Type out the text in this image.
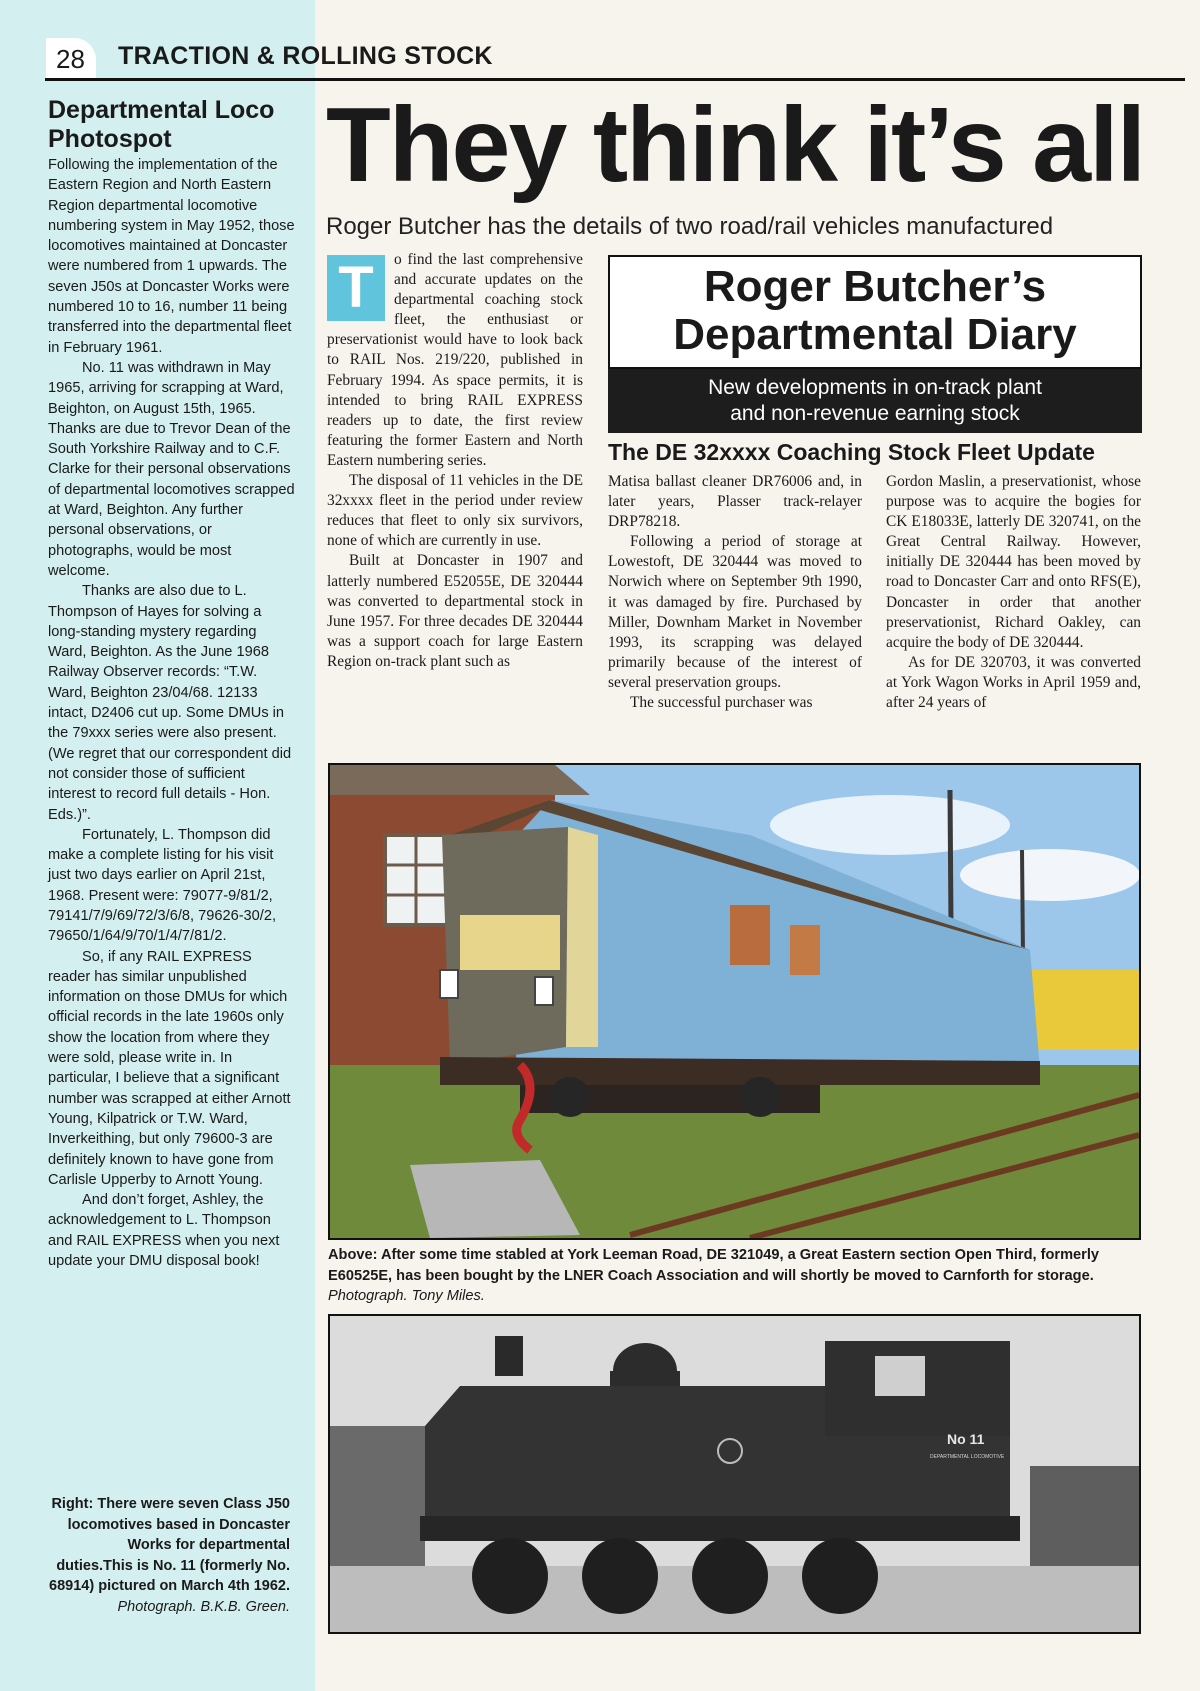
28	TRACTION & ROLLING STOCK
Departmental Loco Photospot

Following the implementation of the Eastern Region and North Eastern Region departmental locomotive numbering system in May 1952, those locomotives maintained at Doncaster were numbered from 1 upwards. The seven J50s at Doncaster Works were numbered 10 to 16, number 11 being transferred into the departmental fleet in February 1961.

No. 11 was withdrawn in May 1965, arriving for scrapping at Ward, Beighton, on August 15th, 1965. Thanks are due to Trevor Dean of the South Yorkshire Railway and to C.F. Clarke for their personal observations of departmental locomotives scrapped at Ward, Beighton. Any further personal observations, or photographs, would be most welcome.

Thanks are also due to L. Thompson of Hayes for solving a long-standing mystery regarding Ward, Beighton. As the June 1968 Railway Observer records: “T.W. Ward, Beighton 23/04/68. 12133 intact, D2406 cut up. Some DMUs in the 79xxx series were also present. (We regret that our correspondent did not consider those of sufficient interest to record full details - Hon. Eds.)”.

Fortunately, L. Thompson did make a complete listing for his visit just two days earlier on April 21st, 1968. Present were: 79077-9/81/2, 79141/7/9/69/72/3/6/8, 79626-30/2, 79650/1/64/9/70/1/4/7/81/2.

So, if any RAIL EXPRESS reader has similar unpublished information on those DMUs for which official records in the late 1960s only show the location from where they were sold, please write in. In particular, I believe that a significant number was scrapped at either Arnott Young, Kilpatrick or T.W. Ward, Inverkeithing, but only 79600-3 are definitely known to have gone from Carlisle Upperby to Arnott Young.

And don’t forget, Ashley, the acknowledgement to L. Thompson and RAIL EXPRESS when you next update your DMU disposal book!

Right: There were seven Class J50 locomotives based in Doncaster Works for departmental duties.This is No. 11 (formerly No. 68914) pictured on March 4th 1962.
Photograph. B.K.B. Green.
They think it’s all
Roger Butcher has the details of two road/rail vehicles manufactured

T	o find the last comprehensive and accurate updates on the departmental coaching stock fleet, the enthusiast or preservationist would have to look back to RAIL Nos. 219/220, published in February 1994. As space permits, it is intended to bring RAIL EXPRESS readers up to date, the first review featuring the former Eastern and North Eastern numbering series.

The disposal of 11 vehicles in the DE 32xxxx fleet in the period under review reduces that fleet to only six survivors, none of which are currently in use.

Built at Doncaster in 1907 and latterly numbered E52055E, DE 320444 was converted to departmental stock in June 1957. For three decades DE 320444 was a support coach for large Eastern Region on-track plant such as

Roger Butcher’s
Departmental Diary
New developments in on-track plant
and non-revenue earning stock
The DE 32xxxx Coaching Stock Fleet Update

Matisa ballast cleaner DR76006 and, in later years, Plasser track-relayer DRP78218.

Following a period of storage at Lowestoft, DE 320444 was moved to Norwich where on September 9th 1990, it was damaged by fire. Purchased by Miller, Downham Market in November 1993, its scrapping was delayed primarily because of the interest of several preservation groups.

The successful purchaser was

Gordon Maslin, a preservationist, whose purpose was to acquire the bogies for CK E18033E, latterly DE 320741, on the Great Central Railway. However, initially DE 320444 has been moved by road to Doncaster Carr and onto RFS(E), Doncaster in order that another preservationist, Richard Oakley, can acquire the body of DE 320444.

As for DE 320703, it was converted at York Wagon Works in April 1959 and, after 24 years of

Above: After some time stabled at York Leeman Road, DE 321049, a Great Eastern section Open Third, formerly E60525E, has been bought by the LNER Coach Association and will shortly be moved to Carnforth for storage. Photograph. Tony Miles.
No 11
DEPARTMENTAL LOCOMOTIVE
